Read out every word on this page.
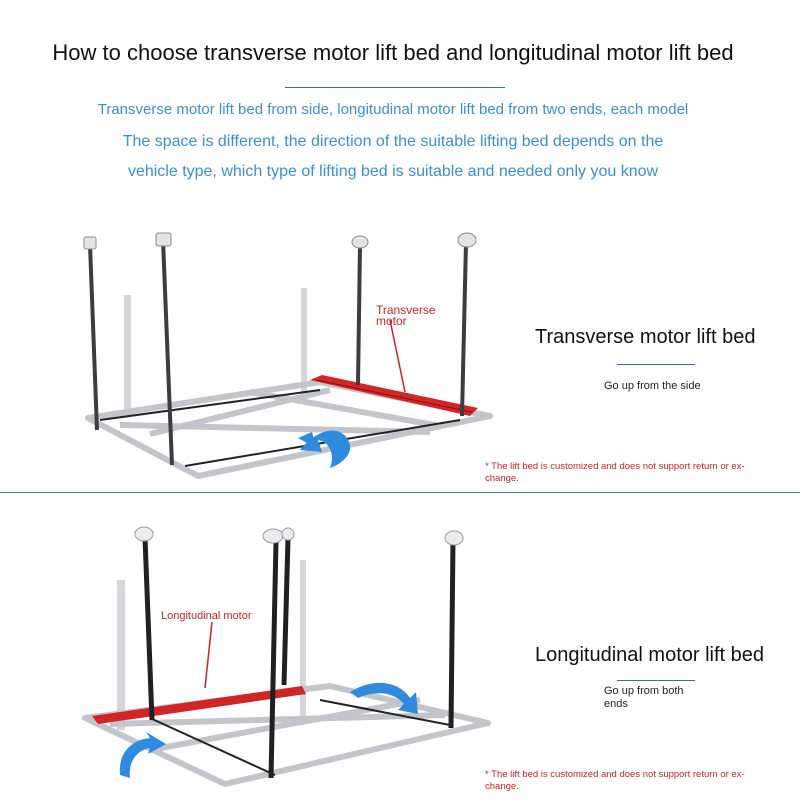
How to choose transverse motor lift bed and longitudinal motor lift bed
Transverse motor lift bed from side, longitudinal motor lift bed from two ends, each model
The space is different, the direction of the suitable lifting bed depends on the
vehicle type, which type of lifting bed is suitable and needed only you know
Transverse
motor
Transverse motor lift bed
Go up from the side
* The lift bed is customized and does not support return or ex-
change.
Longitudinal motor
Longitudinal motor lift bed
Go up from both
ends
* The lift bed is customized and does not support return or ex-
change.
